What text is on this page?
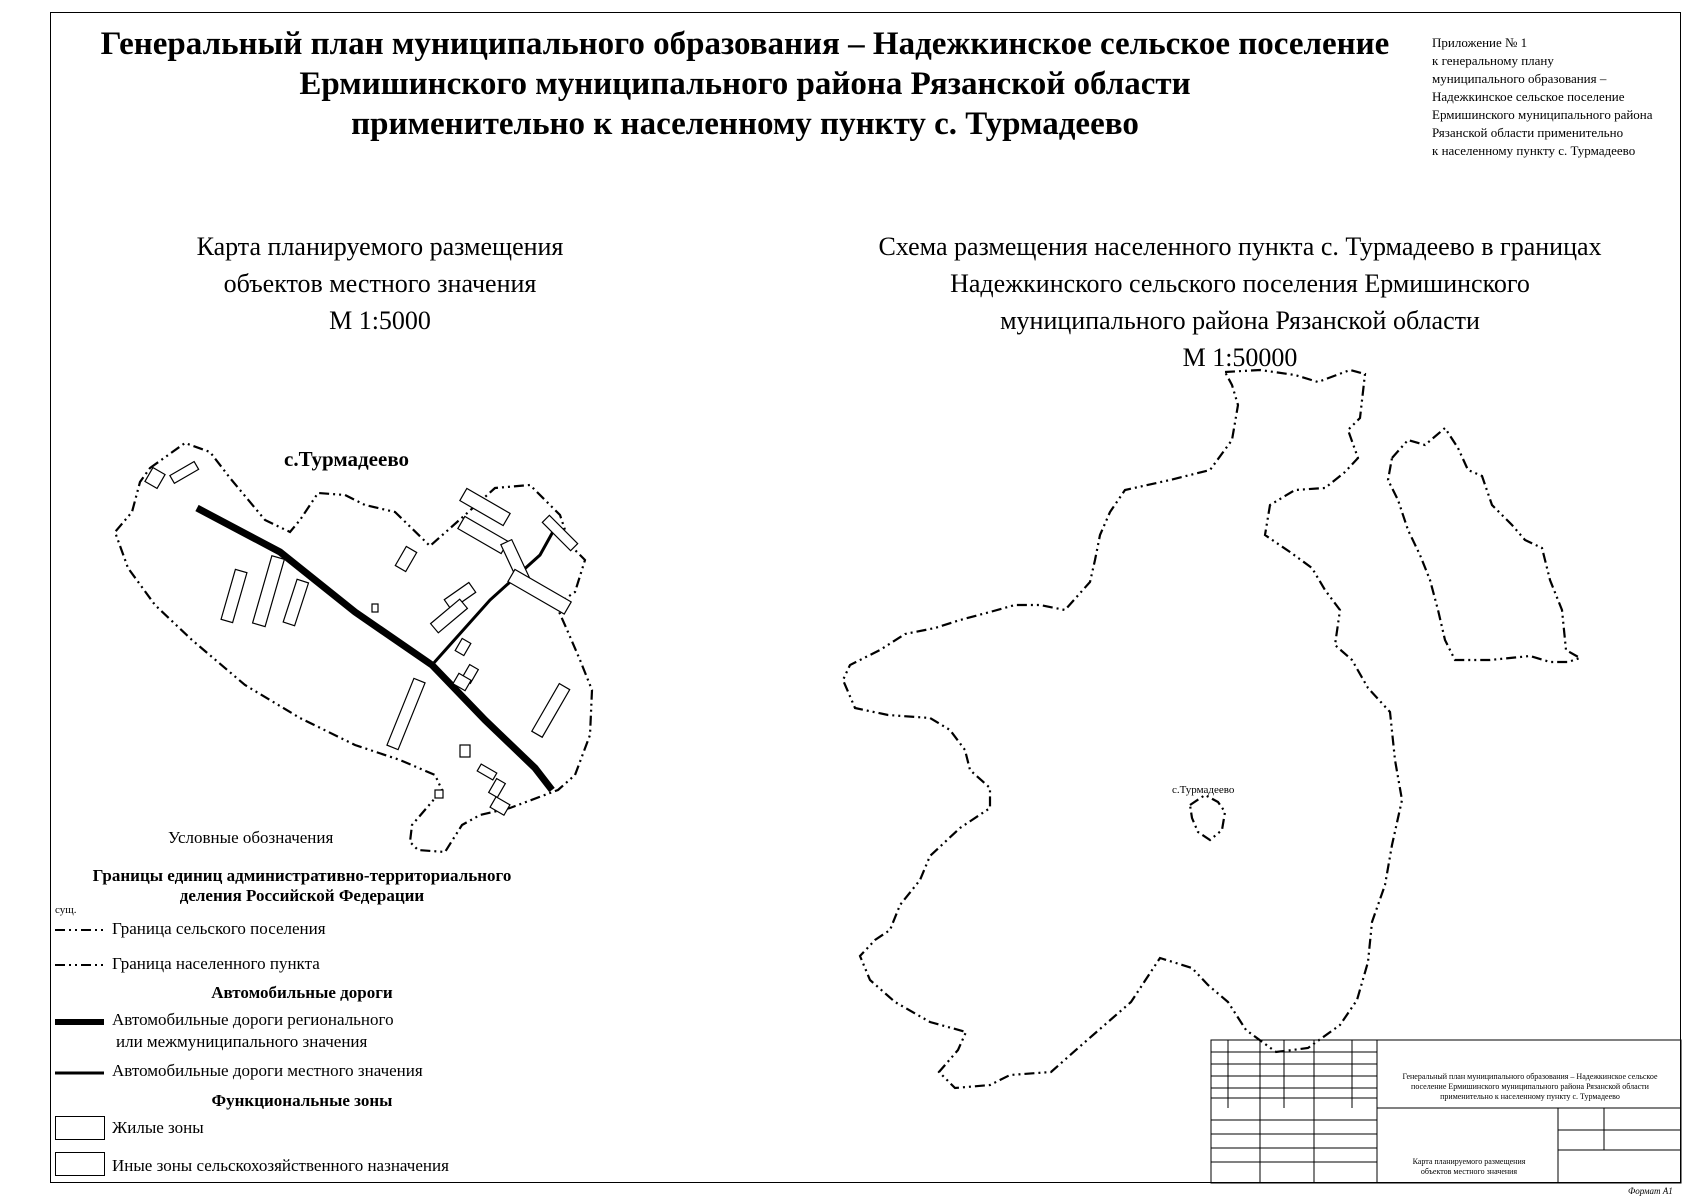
Генеральный план муниципального образования – Надежкинское сельское поселение
Ермишинского муниципального района Рязанской области
применительно к населенному пункту с. Турмадеево
Приложение № 1
к генеральному плану
муниципального образования –
Надежкинское сельское поселение
Ермишинского муниципального района
Рязанской области применительно
к населенному пункту с. Турмадеево
Карта планируемого размещения
объектов местного значения
М 1:5000
Схема размещения населенного пункта с. Турмадеево в границах
Надежкинского сельского поселения Ермишинского
муниципального района Рязанской области
М 1:50000
с.Турмадеево
с.Турмадеево
Условные обозначения
Границы единиц административно-территориального
деления Российской Федерации
сущ.
Граница сельского поселения
Граница населенного пункта
Автомобильные дороги
Автомобильные дороги регионального
или межмуниципального значения
Автомобильные дороги местного значения
Функциональные зоны
Жилые зоны
Иные зоны сельскохозяйственного назначения
Генеральный план муниципального образования – Надежкинское сельское
поселение Ермишинского муниципального района Рязанской области
применительно к населенному пункту с. Турмадеево
Карта планируемого размещения
объектов местного значения
Формат А1
